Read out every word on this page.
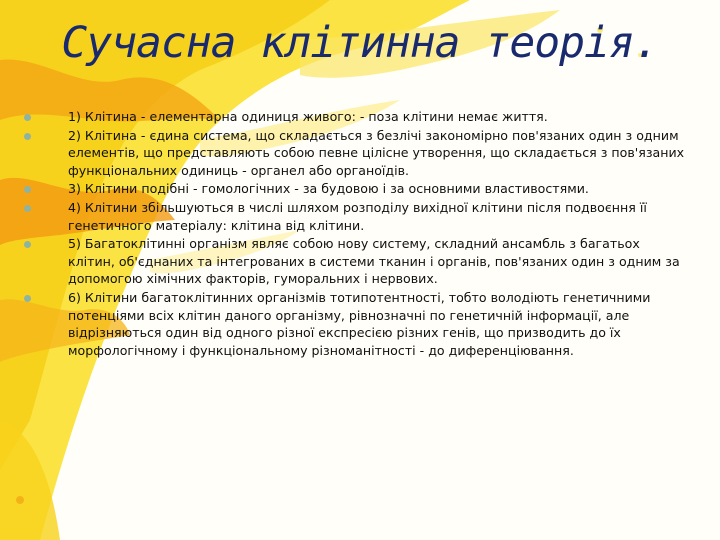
Сучасна клітинна теорія.
1) Клітина - елементарна одиниця живого: - поза клітини немає життя.
2) Клітина - єдина система, що складається з безлічі закономірно пов'язаних один з одним елементів, що представляють собою певне цілісне утворення, що складається з пов'язаних функціональних одиниць - органел або органоїдів.
3) Клітини подібні - гомологічних - за будовою і за основними властивостями.
4) Клітини збільшуються в числі шляхом розподілу вихідної клітини після подвоєння її генетичного матеріалу: клітина від клітини.
5) Багатоклітинні організм являє собою нову систему, складний ансамбль з багатьох клітин, об'єднаних та інтегрованих в системи тканин і органів, пов'язаних один з одним за допомогою хімічних факторів, гуморальних і нервових.
6) Клітини багатоклітинних організмів тотипотентності, тобто володіють генетичними потенціями всіх клітин даного організму, рівнозначні по генетичній інформації, але відрізняються один від одного різної експресією різних генів, що призводить до їх морфологічному і функціональному різноманітності - до диференціювання.
